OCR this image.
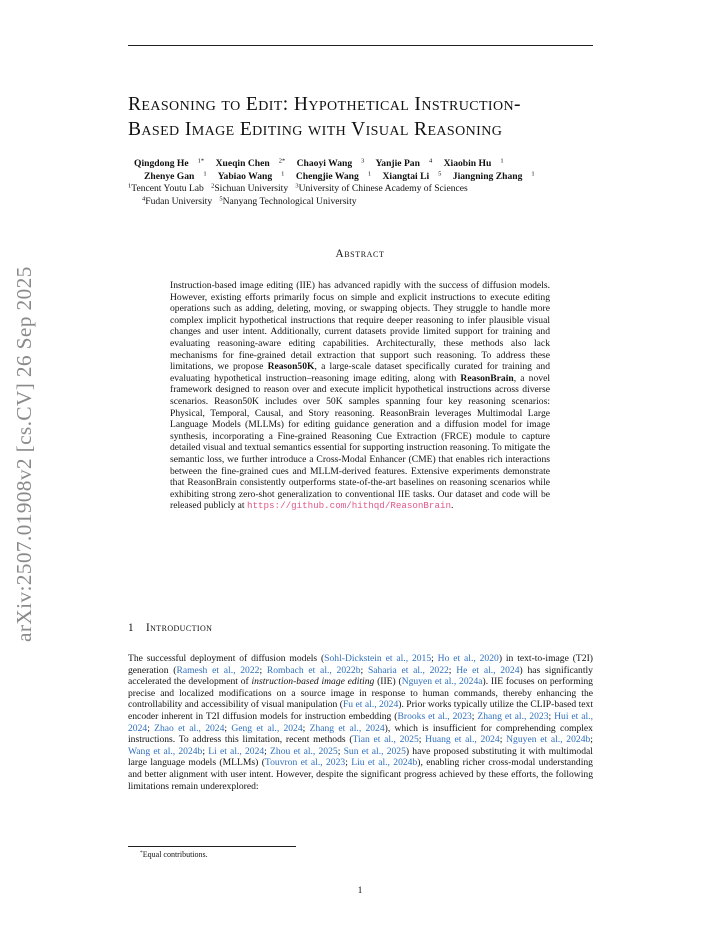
arXiv:2507.01908v2 [cs.CV] 26 Sep 2025
Reasoning to Edit: Hypothetical Instruction-
Based Image Editing with Visual Reasoning
Qingdong He $^{1*}$ Xueqin Chen $^{2*}$ Chaoyi Wang $^3$ Yanjie Pan $^4$ Xiaobin Hu $^1$
Zhenye Gan $^1$ Yabiao Wang $^1$ Chengjie Wang $^1$ Xiangtai Li $^5$ Jiangning Zhang $^1$
$^1$Tencent Youtu Lab $^2$Sichuan University $^3$University of Chinese Academy of Sciences
$^4$Fudan University $^5$Nanyang Technological University
Abstract
Instruction-based image editing (IIE) has advanced rapidly with the success of diffusion models. However, existing efforts primarily focus on simple and explicit instructions to execute editing operations such as adding, deleting, moving, or swapping objects. They struggle to handle more complex implicit hypothetical instructions that require deeper reasoning to infer plausible visual changes and user intent. Additionally, current datasets provide limited support for training and evaluating reasoning-aware editing capabilities. Architecturally, these methods also lack mechanisms for fine-grained detail extraction that support such reasoning. To address these limitations, we propose Reason50K, a large-scale dataset specifically curated for training and evaluating hypothetical instruction–reasoning image editing, along with ReasonBrain, a novel framework designed to reason over and execute implicit hypothetical instructions across diverse scenarios. Reason50K includes over 50K samples spanning four key reasoning scenarios: Physical, Temporal, Causal, and Story reasoning. ReasonBrain leverages Multimodal Large Language Models (MLLMs) for editing guidance generation and a diffusion model for image synthesis, incorporating a Fine-grained Reasoning Cue Extraction (FRCE) module to capture detailed visual and textual semantics essential for supporting instruction reasoning. To mitigate the semantic loss, we further introduce a Cross-Modal Enhancer (CME) that enables rich interactions between the fine-grained cues and MLLM-derived features. Extensive experiments demonstrate that ReasonBrain consistently outperforms state-of-the-art baselines on reasoning scenarios while exhibiting strong zero-shot generalization to conventional IIE tasks. Our dataset and code will be released publicly at https://github.com/hithqd/ReasonBrain.
1 Introduction
The successful deployment of diffusion models (Sohl-Dickstein et al., 2015; Ho et al., 2020) in text-to-image (T2I) generation (Ramesh et al., 2022; Rombach et al., 2022b; Saharia et al., 2022; He et al., 2024) has significantly accelerated the development of instruction-based image editing (IIE) (Nguyen et al., 2024a). IIE focuses on performing precise and localized modifications on a source image in response to human commands, thereby enhancing the controllability and accessibility of visual manipulation (Fu et al., 2024). Prior works typically utilize the CLIP-based text encoder inherent in T2I diffusion models for instruction embedding (Brooks et al., 2023; Zhang et al., 2023; Hui et al., 2024; Zhao et al., 2024; Geng et al., 2024; Zhang et al., 2024), which is insufficient for comprehending complex instructions. To address this limitation, recent methods (Tian et al., 2025; Huang et al., 2024; Nguyen et al., 2024b; Wang et al., 2024b; Li et al., 2024; Zhou et al., 2025; Sun et al., 2025) have proposed substituting it with multimodal large language models (MLLMs) (Touvron et al., 2023; Liu et al., 2024b), enabling richer cross-modal understanding and better alignment with user intent. However, despite the significant progress achieved by these efforts, the following limitations remain underexplored:
*Equal contributions.
1
